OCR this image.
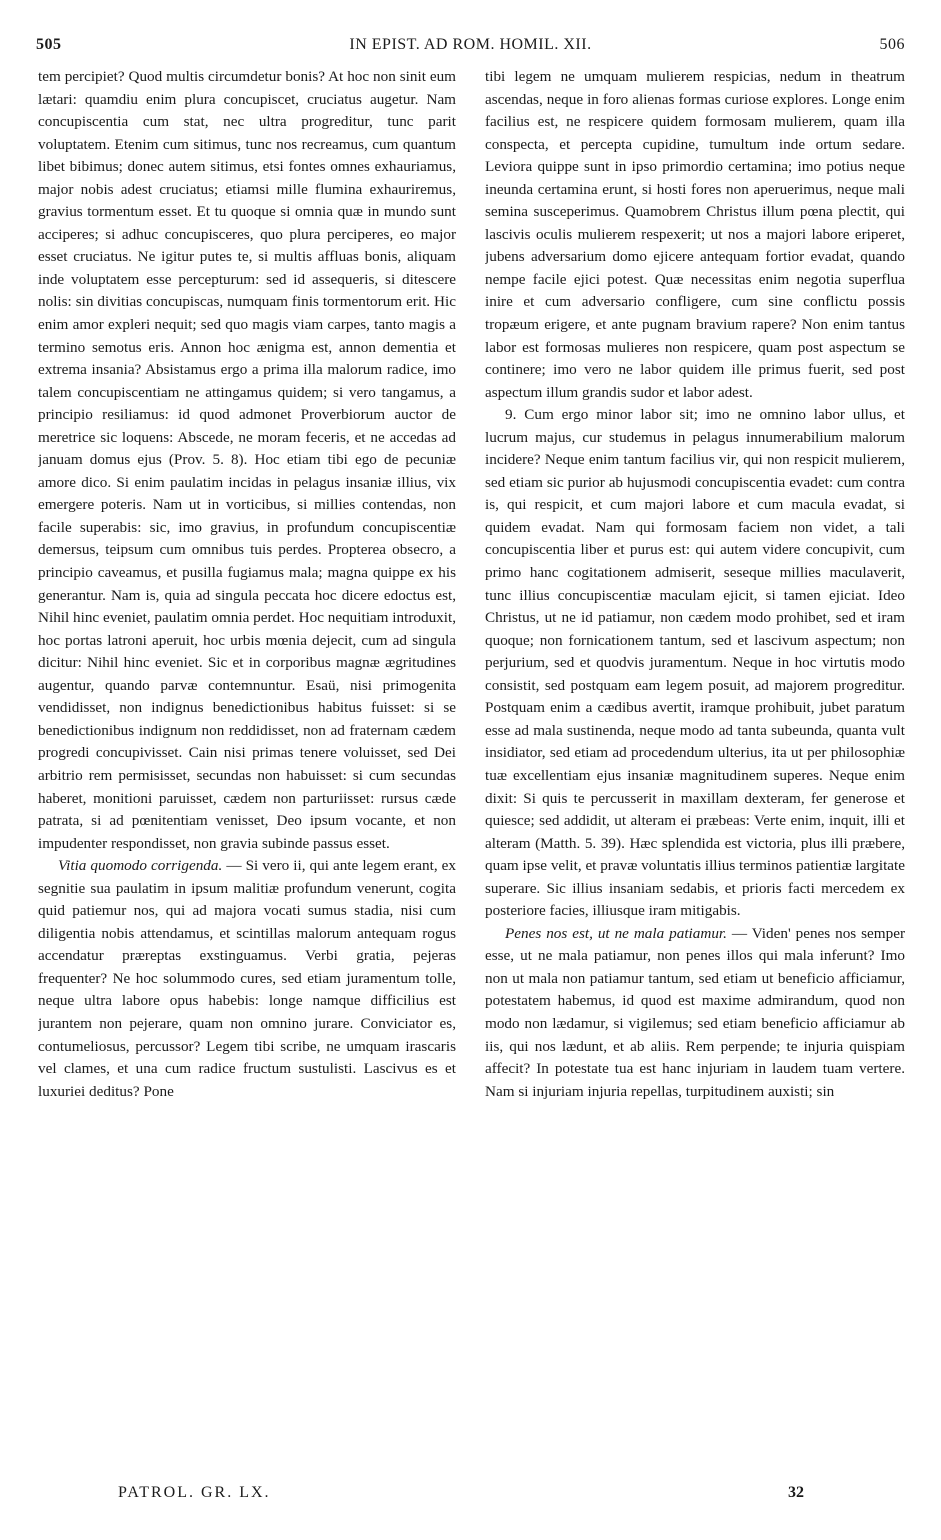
505	IN EPIST. AD ROM. HOMIL. XII.	506

tem percipiet? Quod multis circumdetur bonis? At hoc non sinit eum lætari: quamdiu enim plura concupiscet, cruciatus augetur. Nam concupiscentia cum stat, nec ultra progreditur, tunc parit voluptatem. Etenim cum sitimus, tunc nos recreamus, cum quantum libet bibimus; donec autem sitimus, etsi fontes omnes exhauriamus, major nobis adest cruciatus; etiamsi mille flumina exhauriremus, gravius tormentum esset. Et tu quoque si omnia quæ in mundo sunt acciperes; si adhuc concupisceres, quo plura perciperes, eo major esset cruciatus. Ne igitur putes te, si multis affluas bonis, aliquam inde voluptatem esse percepturum: sed id assequeris, si ditescere nolis: sin divitias concupiscas, numquam finis tormentorum erit. Hic enim amor expleri nequit; sed quo magis viam carpes, tanto magis a termino semotus eris. Annon hoc ænigma est, annon dementia et extrema insania? Absistamus ergo a prima illa malorum radice, imo talem concupiscentiam ne attingamus quidem; si vero tangamus, a principio resiliamus: id quod admonet Proverbiorum auctor de meretrice sic loquens: Abscede, ne moram feceris, et ne accedas ad januam domus ejus (Prov. 5. 8). Hoc etiam tibi ego de pecuniæ amore dico. Si enim paulatim incidas in pelagus insaniæ illius, vix emergere poteris. Nam ut in vorticibus, si millies contendas, non facile superabis: sic, imo gravius, in profundum concupiscentiæ demersus, teipsum cum omnibus tuis perdes. Propterea obsecro, a principio caveamus, et pusilla fugiamus mala; magna quippe ex his generantur. Nam is, quia ad singula peccata hoc dicere edoctus est, Nihil hinc eveniet, paulatim omnia perdet. Hoc nequitiam introduxit, hoc portas latroni aperuit, hoc urbis mœnia dejecit, cum ad singula dicitur: Nihil hinc eveniet. Sic et in corporibus magnæ ægritudines augentur, quando parvæ contemnuntur. Esaü, nisi primogenita vendidisset, non indignus benedictionibus habitus fuisset: si se benedictionibus indignum non reddidisset, non ad fraternam cædem progredi concupivisset. Cain nisi primas tenere voluisset, sed Dei arbitrio rem permisisset, secundas non habuisset: si cum secundas haberet, monitioni paruisset, cædem non parturiisset: rursus cæde patrata, si ad pœnitentiam venisset, Deo ipsum vocante, et non impudenter respondisset, non gravia subinde passus esset.

Vitia quomodo corrigenda. — Si vero ii, qui ante legem erant, ex segnitie sua paulatim in ipsum malitiæ profundum venerunt, cogita quid patiemur nos, qui ad majora vocati sumus stadia, nisi cum diligentia nobis attendamus, et scintillas malorum antequam rogus accendatur præreptas exstinguamus. Verbi gratia, pejeras frequenter? Ne hoc solummodo cures, sed etiam juramentum tolle, neque ultra labore opus habebis: longe namque difficilius est jurantem non pejerare, quam non omnino jurare. Conviciator es, contumeliosus, percussor? Legem tibi scribe, ne umquam irascaris vel clames, et una cum radice fructum sustulisti. Lascivus es et luxuriei deditus? Pone

tibi legem ne umquam mulierem respicias, nedum in theatrum ascendas, neque in foro alienas formas curiose explores. Longe enim facilius est, ne respicere quidem formosam mulierem, quam illa conspecta, et percepta cupidine, tumultum inde ortum sedare. Leviora quippe sunt in ipso primordio certamina; imo potius neque ineunda certamina erunt, si hosti fores non aperuerimus, neque mali semina susceperimus. Quamobrem Christus illum pœna plectit, qui lascivis oculis mulierem respexerit; ut nos a majori labore eriperet, jubens adversarium domo ejicere antequam fortior evadat, quando nempe facile ejici potest. Quæ necessitas enim negotia superflua inire et cum adversario confligere, cum sine conflictu possis tropæum erigere, et ante pugnam bravium rapere? Non enim tantus labor est formosas mulieres non respicere, quam post aspectum se continere; imo vero ne labor quidem ille primus fuerit, sed post aspectum illum grandis sudor et labor adest.

9. Cum ergo minor labor sit; imo ne omnino labor ullus, et lucrum majus, cur studemus in pelagus innumerabilium malorum incidere? Neque enim tantum facilius vir, qui non respicit mulierem, sed etiam sic purior ab hujusmodi concupiscentia evadet: cum contra is, qui respicit, et cum majori labore et cum macula evadat, si quidem evadat. Nam qui formosam faciem non videt, a tali concupiscentia liber et purus est: qui autem videre concupivit, cum primo hanc cogitationem admiserit, seseque millies maculaverit, tunc illius concupiscentiæ maculam ejicit, si tamen ejiciat. Ideo Christus, ut ne id patiamur, non cædem modo prohibet, sed et iram quoque; non fornicationem tantum, sed et lascivum aspectum; non perjurium, sed et quodvis juramentum. Neque in hoc virtutis modo consistit, sed postquam eam legem posuit, ad majorem progreditur. Postquam enim a cædibus avertit, iramque prohibuit, jubet paratum esse ad mala sustinenda, neque modo ad tanta subeunda, quanta vult insidiator, sed etiam ad procedendum ulterius, ita ut per philosophiæ tuæ excellentiam ejus insaniæ magnitudinem superes. Neque enim dixit: Si quis te percusserit in maxillam dexteram, fer generose et quiesce; sed addidit, ut alteram ei præbeas: Verte enim, inquit, illi et alteram (Matth. 5. 39). Hæc splendida est victoria, plus illi præbere, quam ipse velit, et pravæ voluntatis illius terminos patientiæ largitate superare. Sic illius insaniam sedabis, et prioris facti mercedem ex posteriore facies, illiusque iram mitigabis.

Penes nos est, ut ne mala patiamur. — Viden' penes nos semper esse, ut ne mala patiamur, non penes illos qui mala inferunt? Imo non ut mala non patiamur tantum, sed etiam ut beneficio afficiamur, potestatem habemus, id quod est maxime admirandum, quod non modo non lædamur, si vigilemus; sed etiam beneficio afficiamur ab iis, qui nos lædunt, et ab aliis. Rem perpende; te injuria quispiam affecit? In potestate tua est hanc injuriam in laudem tuam vertere. Nam si injuriam injuria repellas, turpitudinem auxisti; sin

PATROL. GR. LX.	32
